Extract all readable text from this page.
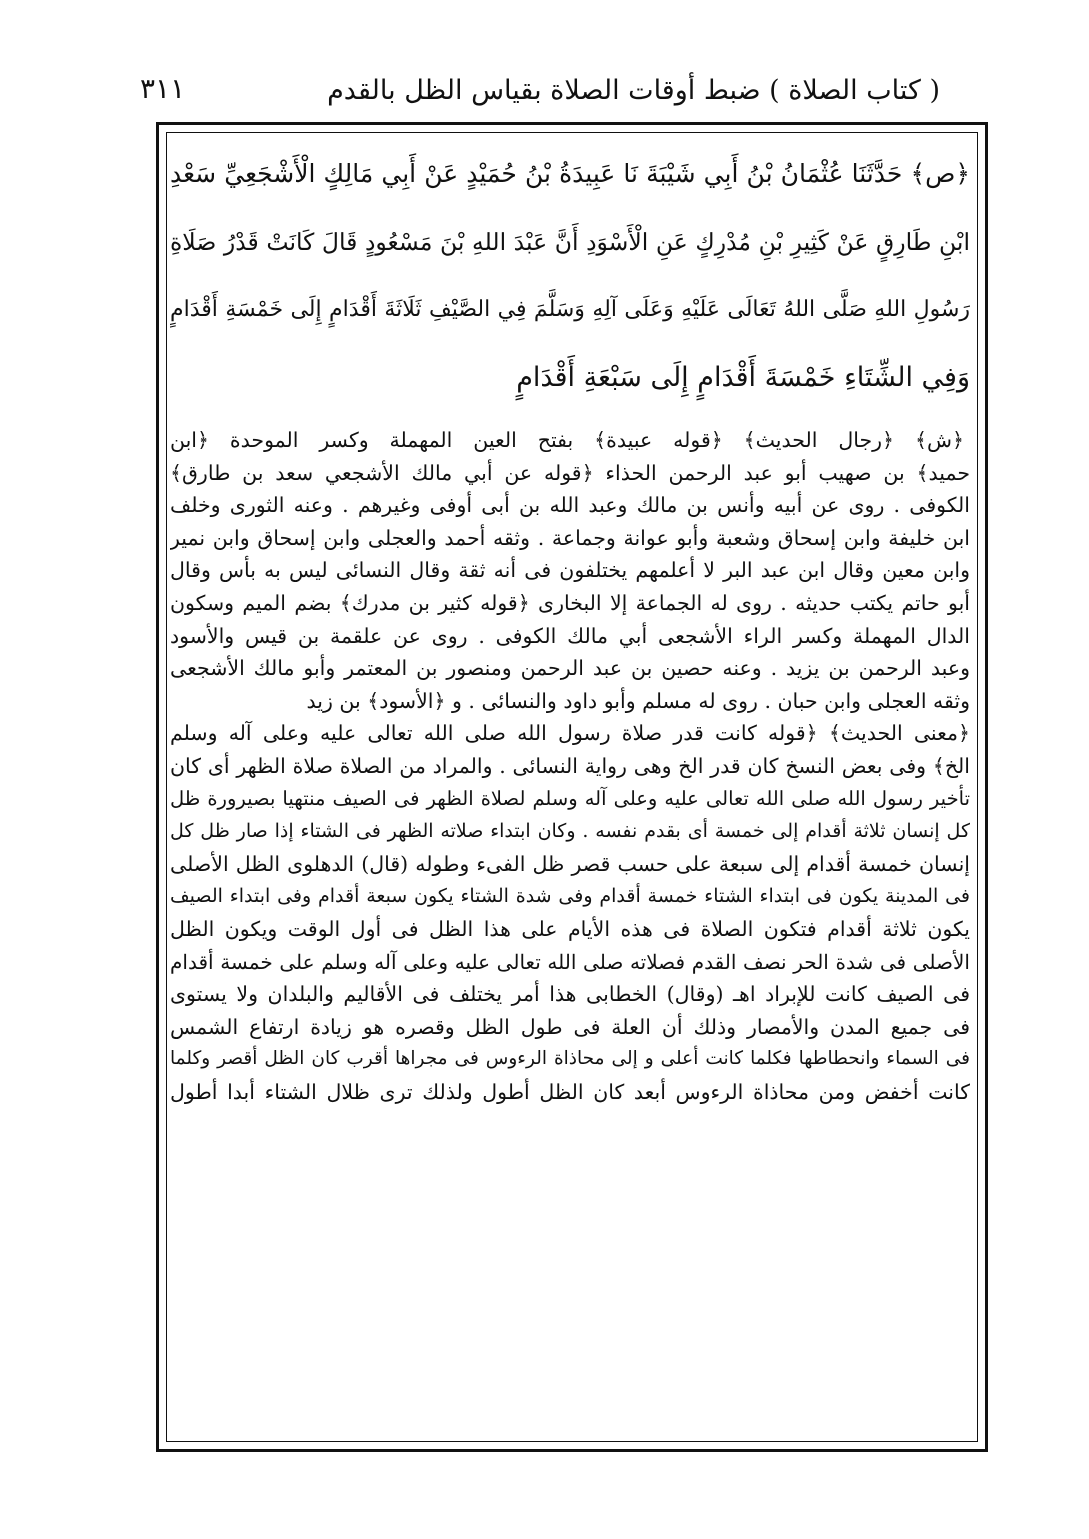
( كتاب الصلاة ) ضبط أوقات الصلاة بقياس الظل بالقدم
٣١١
﴿ص﴾ حَدَّثَنَا عُثْمَانُ بْنُ أَبِي شَيْبَةَ نَا عَبِيدَةُ بْنُ حُمَيْدٍ عَنْ أَبِي مَالِكٍ الْأَشْجَعِيِّ سَعْدِ
ابْنِ طَارِقٍ عَنْ كَثِيرِ بْنِ مُدْرِكٍ عَنِ الْأَسْوَدِ أَنَّ عَبْدَ اللهِ بْنَ مَسْعُودٍ قَالَ كَانَتْ قَدْرُ صَلَاةِ
رَسُولِ اللهِ صَلَّى اللهُ تَعَالَى عَلَيْهِ وَعَلَى آلِهِ وَسَلَّمَ فِي الصَّيْفِ ثَلَاثَةَ أَقْدَامٍ إِلَى خَمْسَةِ أَقْدَامٍ
وَفِي الشِّتَاءِ خَمْسَةَ أَقْدَامٍ إِلَى سَبْعَةِ أَقْدَامٍ
﴿ش﴾ ﴿رجال الحديث﴾ ﴿قوله عبيدة﴾ بفتح العين المهملة وكسر الموحدة ﴿ابن
حميد﴾ بن صهيب أبو عبد الرحمن الحذاء ﴿قوله عن أبي مالك الأشجعي سعد بن طارق﴾
الكوفى . روى عن أبيه وأنس بن مالك وعبد الله بن أبى أوفى وغيرهم . وعنه الثورى وخلف
ابن خليفة وابن إسحاق وشعبة وأبو عوانة وجماعة . وثقه أحمد والعجلى وابن إسحاق وابن نمير
وابن معين وقال ابن عبد البر لا أعلمهم يختلفون فى أنه ثقة وقال النسائى ليس به بأس وقال
أبو حاتم يكتب حديثه . روى له الجماعة إلا البخارى ﴿قوله كثير بن مدرك﴾ بضم الميم وسكون
الدال المهملة وكسر الراء الأشجعى أبي مالك الكوفى . روى عن علقمة بن قيس والأسود
وعبد الرحمن بن يزيد . وعنه حصين بن عبد الرحمن ومنصور بن المعتمر وأبو مالك الأشجعى
وثقه العجلى وابن حبان . روى له مسلم وأبو داود والنسائى . و ﴿الأسود﴾ بن زيد
﴿معنى الحديث﴾ ﴿قوله كانت قدر صلاة رسول الله صلى الله تعالى عليه وعلى آله وسلم
الخ﴾ وفى بعض النسخ كان قدر الخ وهى رواية النسائى . والمراد من الصلاة صلاة الظهر أى كان
تأخير رسول الله صلى الله تعالى عليه وعلى آله وسلم لصلاة الظهر فى الصيف منتهيا بصيرورة ظل
كل إنسان ثلاثة أقدام إلى خمسة أى بقدم نفسه . وكان ابتداء صلاته الظهر فى الشتاء إذا صار ظل كل
إنسان خمسة أقدام إلى سبعة على حسب قصر ظل الفىء وطوله (قال) الدهلوى الظل الأصلى
فى المدينة يكون فى ابتداء الشتاء خمسة أقدام وفى شدة الشتاء يكون سبعة أقدام وفى ابتداء الصيف
يكون ثلاثة أقدام فتكون الصلاة فى هذه الأيام على هذا الظل فى أول الوقت ويكون الظل
الأصلى فى شدة الحر نصف القدم فصلاته صلى الله تعالى عليه وعلى آله وسلم على خمسة أقدام
فى الصيف كانت للإبراد اهـ (وقال) الخطابى هذا أمر يختلف فى الأقاليم والبلدان ولا يستوى
فى جميع المدن والأمصار وذلك أن العلة فى طول الظل وقصره هو زيادة ارتفاع الشمس
فى السماء وانحطاطها فكلما كانت أعلى و إلى محاذاة الرءوس فى مجراها أقرب كان الظل أقصر وكلما
كانت أخفض ومن محاذاة الرءوس أبعد كان الظل أطول ولذلك ترى ظلال الشتاء أبدا أطول
